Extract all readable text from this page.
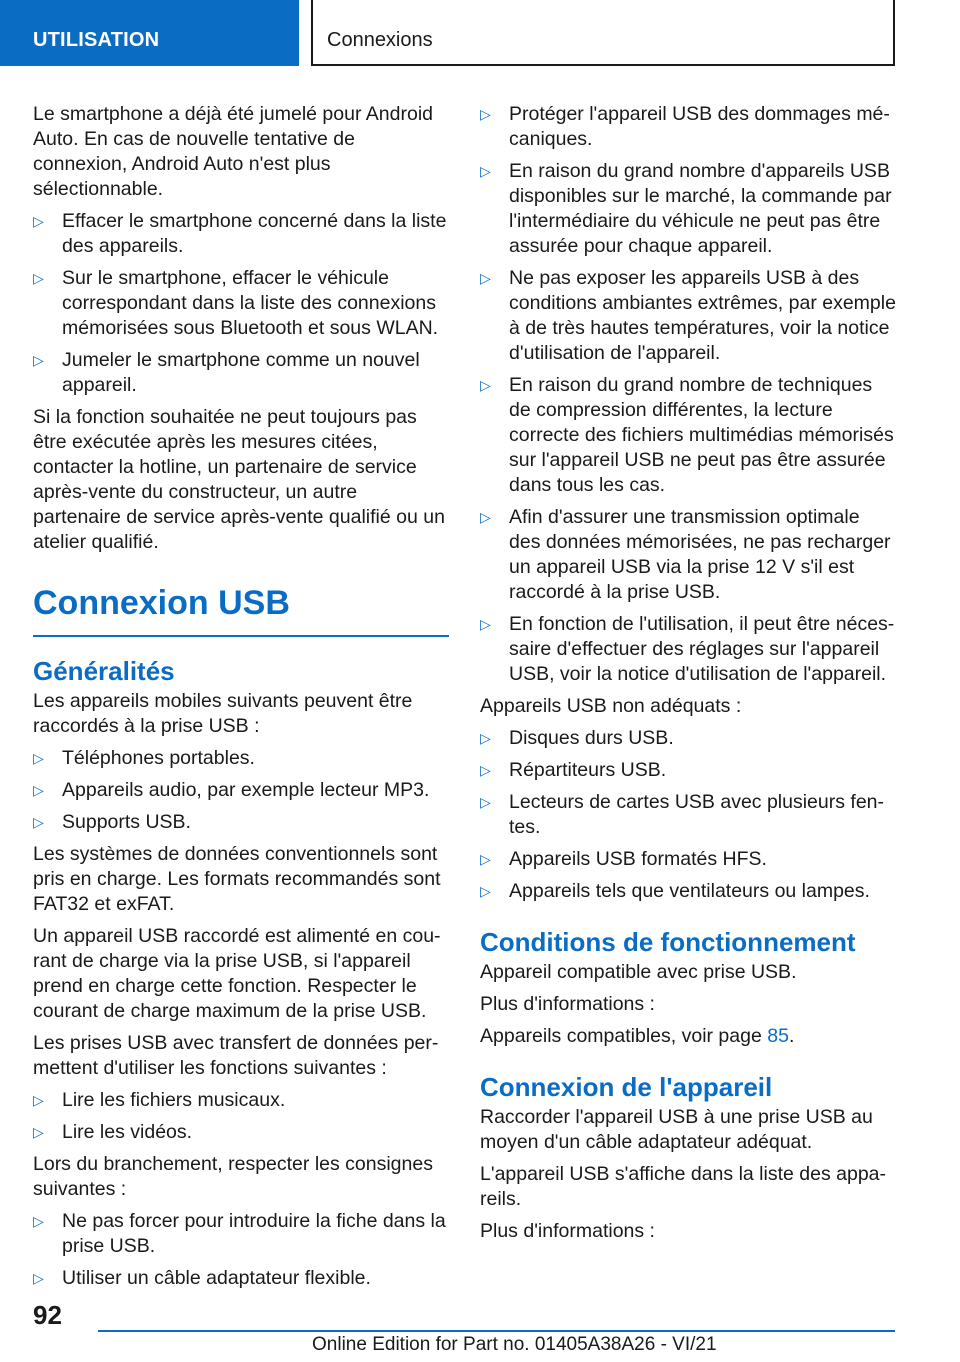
UTILISATION	Connexions

Le smartphone a déjà été jumelé pour Android Auto. En cas de nouvelle tentative de connexion, Android Auto n'est plus sélectionnable.

▷ Effacer le smartphone concerné dans la liste des appareils.
▷ Sur le smartphone, effacer le véhicule correspondant dans la liste des connexions mémorisées sous Bluetooth et sous WLAN.
▷ Jumeler le smartphone comme un nouvel appareil.

Si la fonction souhaitée ne peut toujours pas être exécutée après les mesures citées, contacter la hotline, un partenaire de service après-vente du constructeur, un autre partenaire de service après-vente qualifié ou un atelier qualifié.

Connexion USB
Généralités

Les appareils mobiles suivants peuvent être raccordés à la prise USB :

▷ Téléphones portables.
▷ Appareils audio, par exemple lecteur MP3.
▷ Supports USB.

Les systèmes de données conventionnels sont pris en charge. Les formats recommandés sont FAT32 et exFAT.

Un appareil USB raccordé est alimenté en courant de charge via la prise USB, si l'appareil prend en charge cette fonction. Respecter le courant de charge maximum de la prise USB.

Les prises USB avec transfert de données permettent d'utiliser les fonctions suivantes :

▷ Lire les fichiers musicaux.
▷ Lire les vidéos.

Lors du branchement, respecter les consignes suivantes :

▷ Ne pas forcer pour introduire la fiche dans la prise USB.
▷ Utiliser un câble adaptateur flexible.
▷ Protéger l'appareil USB des dommages mécaniques.
▷ En raison du grand nombre d'appareils USB disponibles sur le marché, la commande par l'intermédiaire du véhicule ne peut pas être assurée pour chaque appareil.
▷ Ne pas exposer les appareils USB à des conditions ambiantes extrêmes, par exemple à de très hautes températures, voir la notice d'utilisation de l'appareil.
▷ En raison du grand nombre de techniques de compression différentes, la lecture correcte des fichiers multimédias mémorisés sur l'appareil USB ne peut pas être assurée dans tous les cas.
▷ Afin d'assurer une transmission optimale des données mémorisées, ne pas recharger un appareil USB via la prise 12 V s'il est raccordé à la prise USB.
▷ En fonction de l'utilisation, il peut être nécessaire d'effectuer des réglages sur l'appareil USB, voir la notice d'utilisation de l'appareil.

Appareils USB non adéquats :

▷ Disques durs USB.
▷ Répartiteurs USB.
▷ Lecteurs de cartes USB avec plusieurs fentes.
▷ Appareils USB formatés HFS.
▷ Appareils tels que ventilateurs ou lampes.
Conditions de fonctionnement

Appareil compatible avec prise USB.

Plus d'informations :

Appareils compatibles, voir page 85.

Connexion de l'appareil

Raccorder l'appareil USB à une prise USB au moyen d'un câble adaptateur adéquat.

L'appareil USB s'affiche dans la liste des appareils.

Plus d'informations :

92
Online Edition for Part no. 01405A38A26 - VI/21
